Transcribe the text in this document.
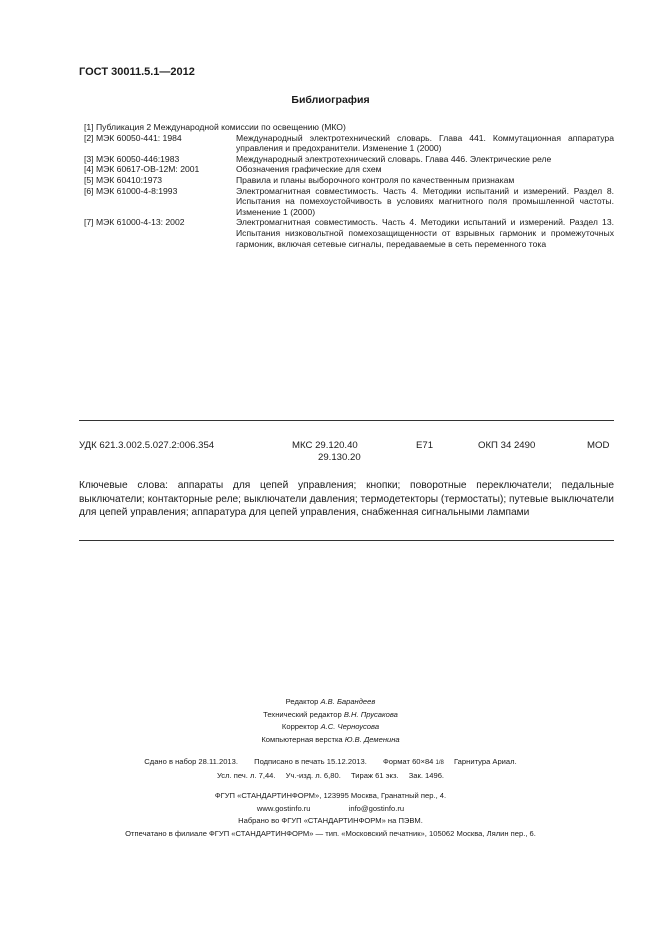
ГОСТ 30011.5.1—2012
Библиография
[1] Публикация 2 Международной комиссии по освещению (МКО)
[2] МЭК 60050-441: 1984	Международный электротехнический словарь. Глава 441. Коммутационная аппаратура управления и предохранители. Изменение 1 (2000)
[3] МЭК 60050-446:1983	Международный электротехнический словарь. Глава 446. Электрические реле
[4] МЭК 60617-OB-12M: 2001	Обозначения графические для схем
[5] МЭК 60410:1973	Правила и планы выборочного контроля по качественным признакам
[6] МЭК 61000-4-8:1993	Электромагнитная совместимость. Часть 4. Методики испытаний и измерений. Раздел 8. Испытания на помехоустойчивость в условиях магнитного поля промышленной частоты. Изменение 1 (2000)
[7] МЭК 61000-4-13: 2002	Электромагнитная совместимость. Часть 4. Методики испытаний и измерений. Раздел 13. Испытания низковольтной помехозащищенности от взрывных гармоник и промежуточных гармоник, включая сетевые сигналы, передаваемые в сеть переменного тока
УДК 621.3.002.5.027.2:006.354	МКС 29.120.40
29.130.20
E71	ОКП 34 2490	MOD
Ключевые слова: аппараты для цепей управления; кнопки; поворотные переключатели; педальные выключатели; контакторные реле; выключатели давления; термодетекторы (термостаты); путевые выключатели для цепей управления; аппаратура для цепей управления, снабженная сигнальными лампами
Редактор А.В. Барандеев
Технический редактор В.Н. Прусакова
Корректор А.С. Черноусова
Компьютерная верстка Ю.В. Деменина
Сдано в набор 28.11.2013. Подписано в печать 15.12.2013. Формат 60×84 1/8 Гарнитура Ариал.
Усл. печ. л. 7,44. Уч.-изд. л. 6,80. Тираж 61 экз. Зак. 1496.
ФГУП «СТАНДАРТИНФОРМ», 123995 Москва, Гранатный пер., 4.
www.gostinfo.ru	info@gostinfo.ru
Набрано во ФГУП «СТАНДАРТИНФОРМ» на ПЭВМ.
Отпечатано в филиале ФГУП «СТАНДАРТИНФОРМ» — тип. «Московский печатник», 105062 Москва, Лялин пер., 6.
